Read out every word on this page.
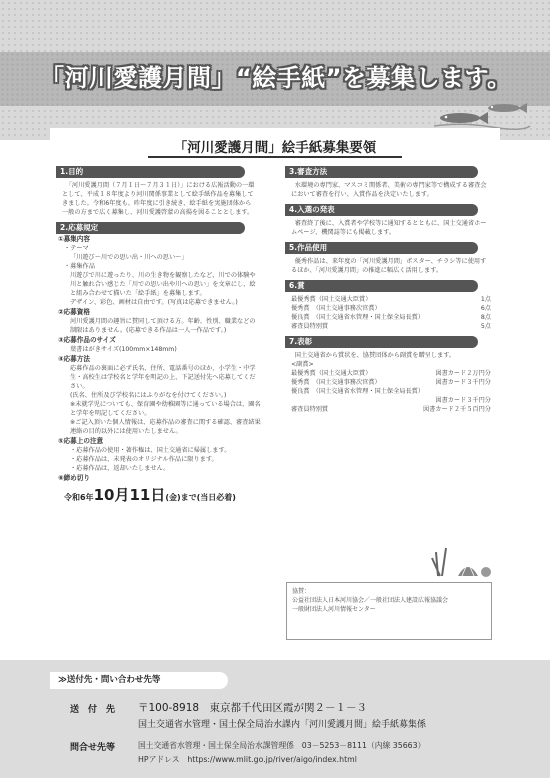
「河川愛護月間」“絵手紙”を募集します。
「河川愛護月間」絵手紙募集要領
1.目的

「河川愛護月間（７月１日〜７月３１日）」における広報活動の一環として、平成１８年度より河川関係事業として絵手紙作品を募集してきました。令和6年度も、昨年度に引き続き、絵手紙を実施団体から一般の方まで広く募集し、河川愛護啓蒙の高揚を図ることとします。

2.応募規定
①募集内容
・テーマ
「川遊び〜川での思い出・川への思い〜」
・募集作品
川遊びで川に遊ったり、川の生き物を観察したなど、川での体験や川と触れ合い感じた「川での思い出や川への思い」を文章にし、絵と組み合わせて描いた「絵手紙」を募集します。
デザイン、彩色、画材は自由です。(写真は応募できません。)
②応募資格
河川愛護月間の趣旨に賛同して頂ける方。年齢、性別、職業などの制限はありません。(応募できる作品は一人一作品です。)
③応募作品のサイズ
葉書はがきサイズ(100mm×148mm)
④応募方法
応募作品の裏面に必ず氏名、住所、電話番号のほか、小学生・中学生・高校生は学校名と学年を明記の上、下記送付先へ応募してください。
(氏名、住所及び学校名にはふりがなを付けてください。)
※未就学児についても、保育園や幼稚園等に通っている場合は、園名と学年を明記してください。
※ご記入頂いた個人情報は、応募作品の審査に関する確認、審査結果連絡の目的以外には使用いたしません。
⑤応募上の注意
・応募作品の使用・著作権は、国土交通省に帰属します。
・応募作品は、未発表のオリジナル作品に限ります。
・応募作品は、返却いたしません。
⑥締め切り
令和6年10月11日(金)まで(当日必着)
3.審査方法

水環境の専門家、マスコミ関係者、美術の専門家等で構成する審査会において審査を行い、入賞作品を決定いたします。

4.入選の発表

審査終了後に、入賞者や学校等に通知するとともに、国土交通省ホームページ、機関誌等にも掲載します。

5.作品使用

優秀作品は、来年度の「河川愛護月間」ポスター、チラシ等に使用するほか、「河川愛護月間」の推進に幅広く活用します。

6.賞
最優秀賞（国土交通大臣賞）	1点
優秀賞　（国土交通事務次官賞）	6点
優良賞　（国土交通省水管理・国土保全局長賞）	8点
審査員特別賞	5点
7.表彰

国土交通省から賞状を、協賛団体から副賞を贈呈します。

<副賞>
最優秀賞（国土交通大臣賞）	図書カード２万円分
優秀賞　（国土交通事務次官賞）	図書カード３千円分
優良賞　（国土交通省水管理・国土保全局長賞）
図書カード３千円分
審査員特別賞	図書カード２千５百円分
協賛：
公益社団法人日本河川協会／一般社団法人建設広報協議会
一般財団法人河川情報センター
≫送付先・問い合わせ先等
送　付　先 〒100-8918　東京都千代田区霞が関２－１－３
国土交通省水管理・国土保全局治水課内「河川愛護月間」絵手紙募集係
問合せ先等	国土交通省水管理・国土保全局治水課管理係　03－5253－8111（内線 35663）
HPアドレス　https://www.mlit.go.jp/river/aigo/index.html
